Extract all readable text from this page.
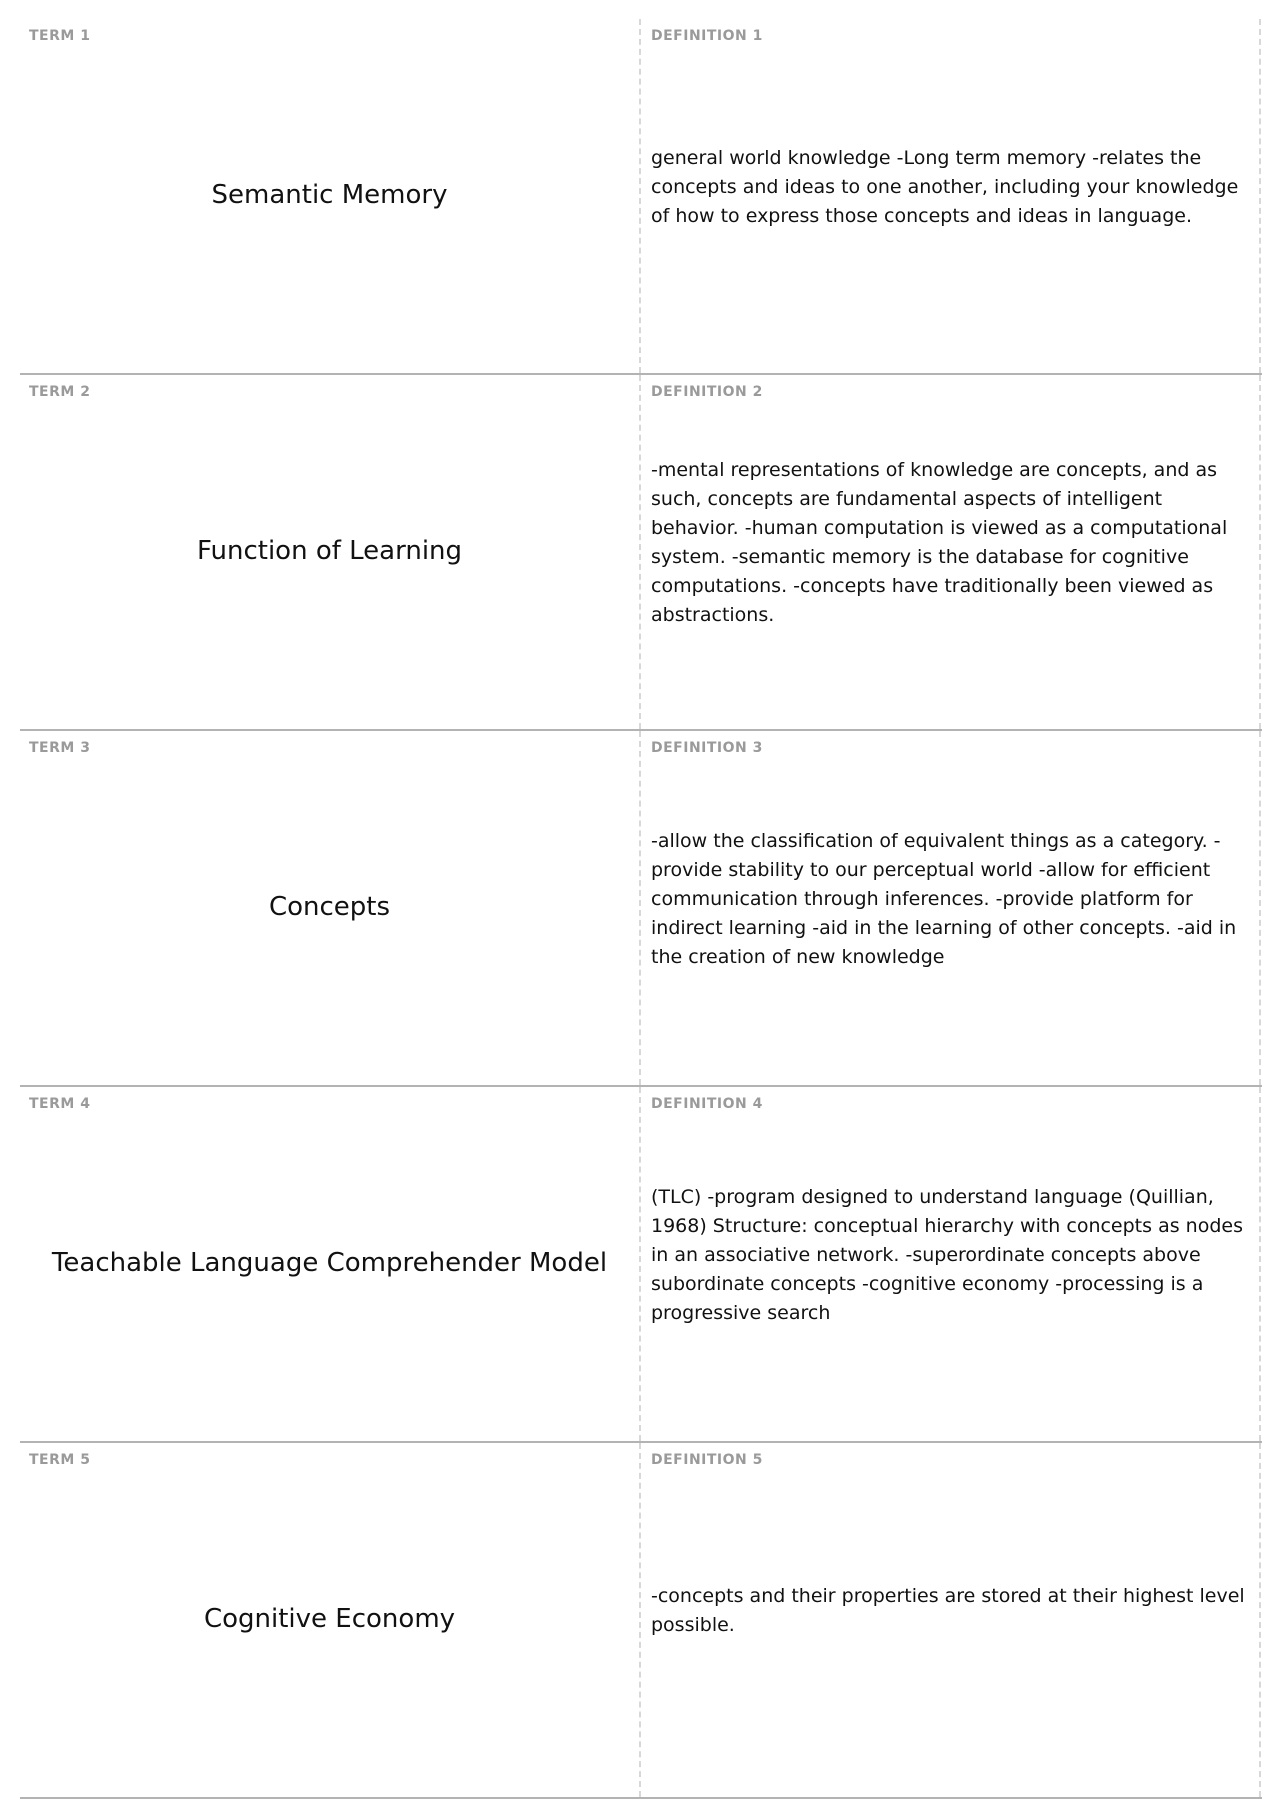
TERM 1
Semantic Memory
DEFINITION 1
general world knowledge -Long term memory -relates the concepts and ideas to one another, including your knowledge of how to express those concepts and ideas in language.
TERM 2
Function of Learning
DEFINITION 2
-mental representations of knowledge are concepts, and as such, concepts are fundamental aspects of intelligent behavior. -human computation is viewed as a computational system. -semantic memory is the database for cognitive computations. -concepts have traditionally been viewed as abstractions.
TERM 3
Concepts
DEFINITION 3
-allow the classification of equivalent things as a category. -provide stability to our perceptual world -allow for efficient communication through inferences. -provide platform for indirect learning -aid in the learning of other concepts. -aid in the creation of new knowledge
TERM 4
Teachable Language Comprehender Model
DEFINITION 4
(TLC) -program designed to understand language (Quillian, 1968) Structure: conceptual hierarchy with concepts as nodes in an associative network. -superordinate concepts above subordinate concepts -cognitive economy -processing is a progressive search
TERM 5
Cognitive Economy
DEFINITION 5
-concepts and their properties are stored at their highest level possible.
